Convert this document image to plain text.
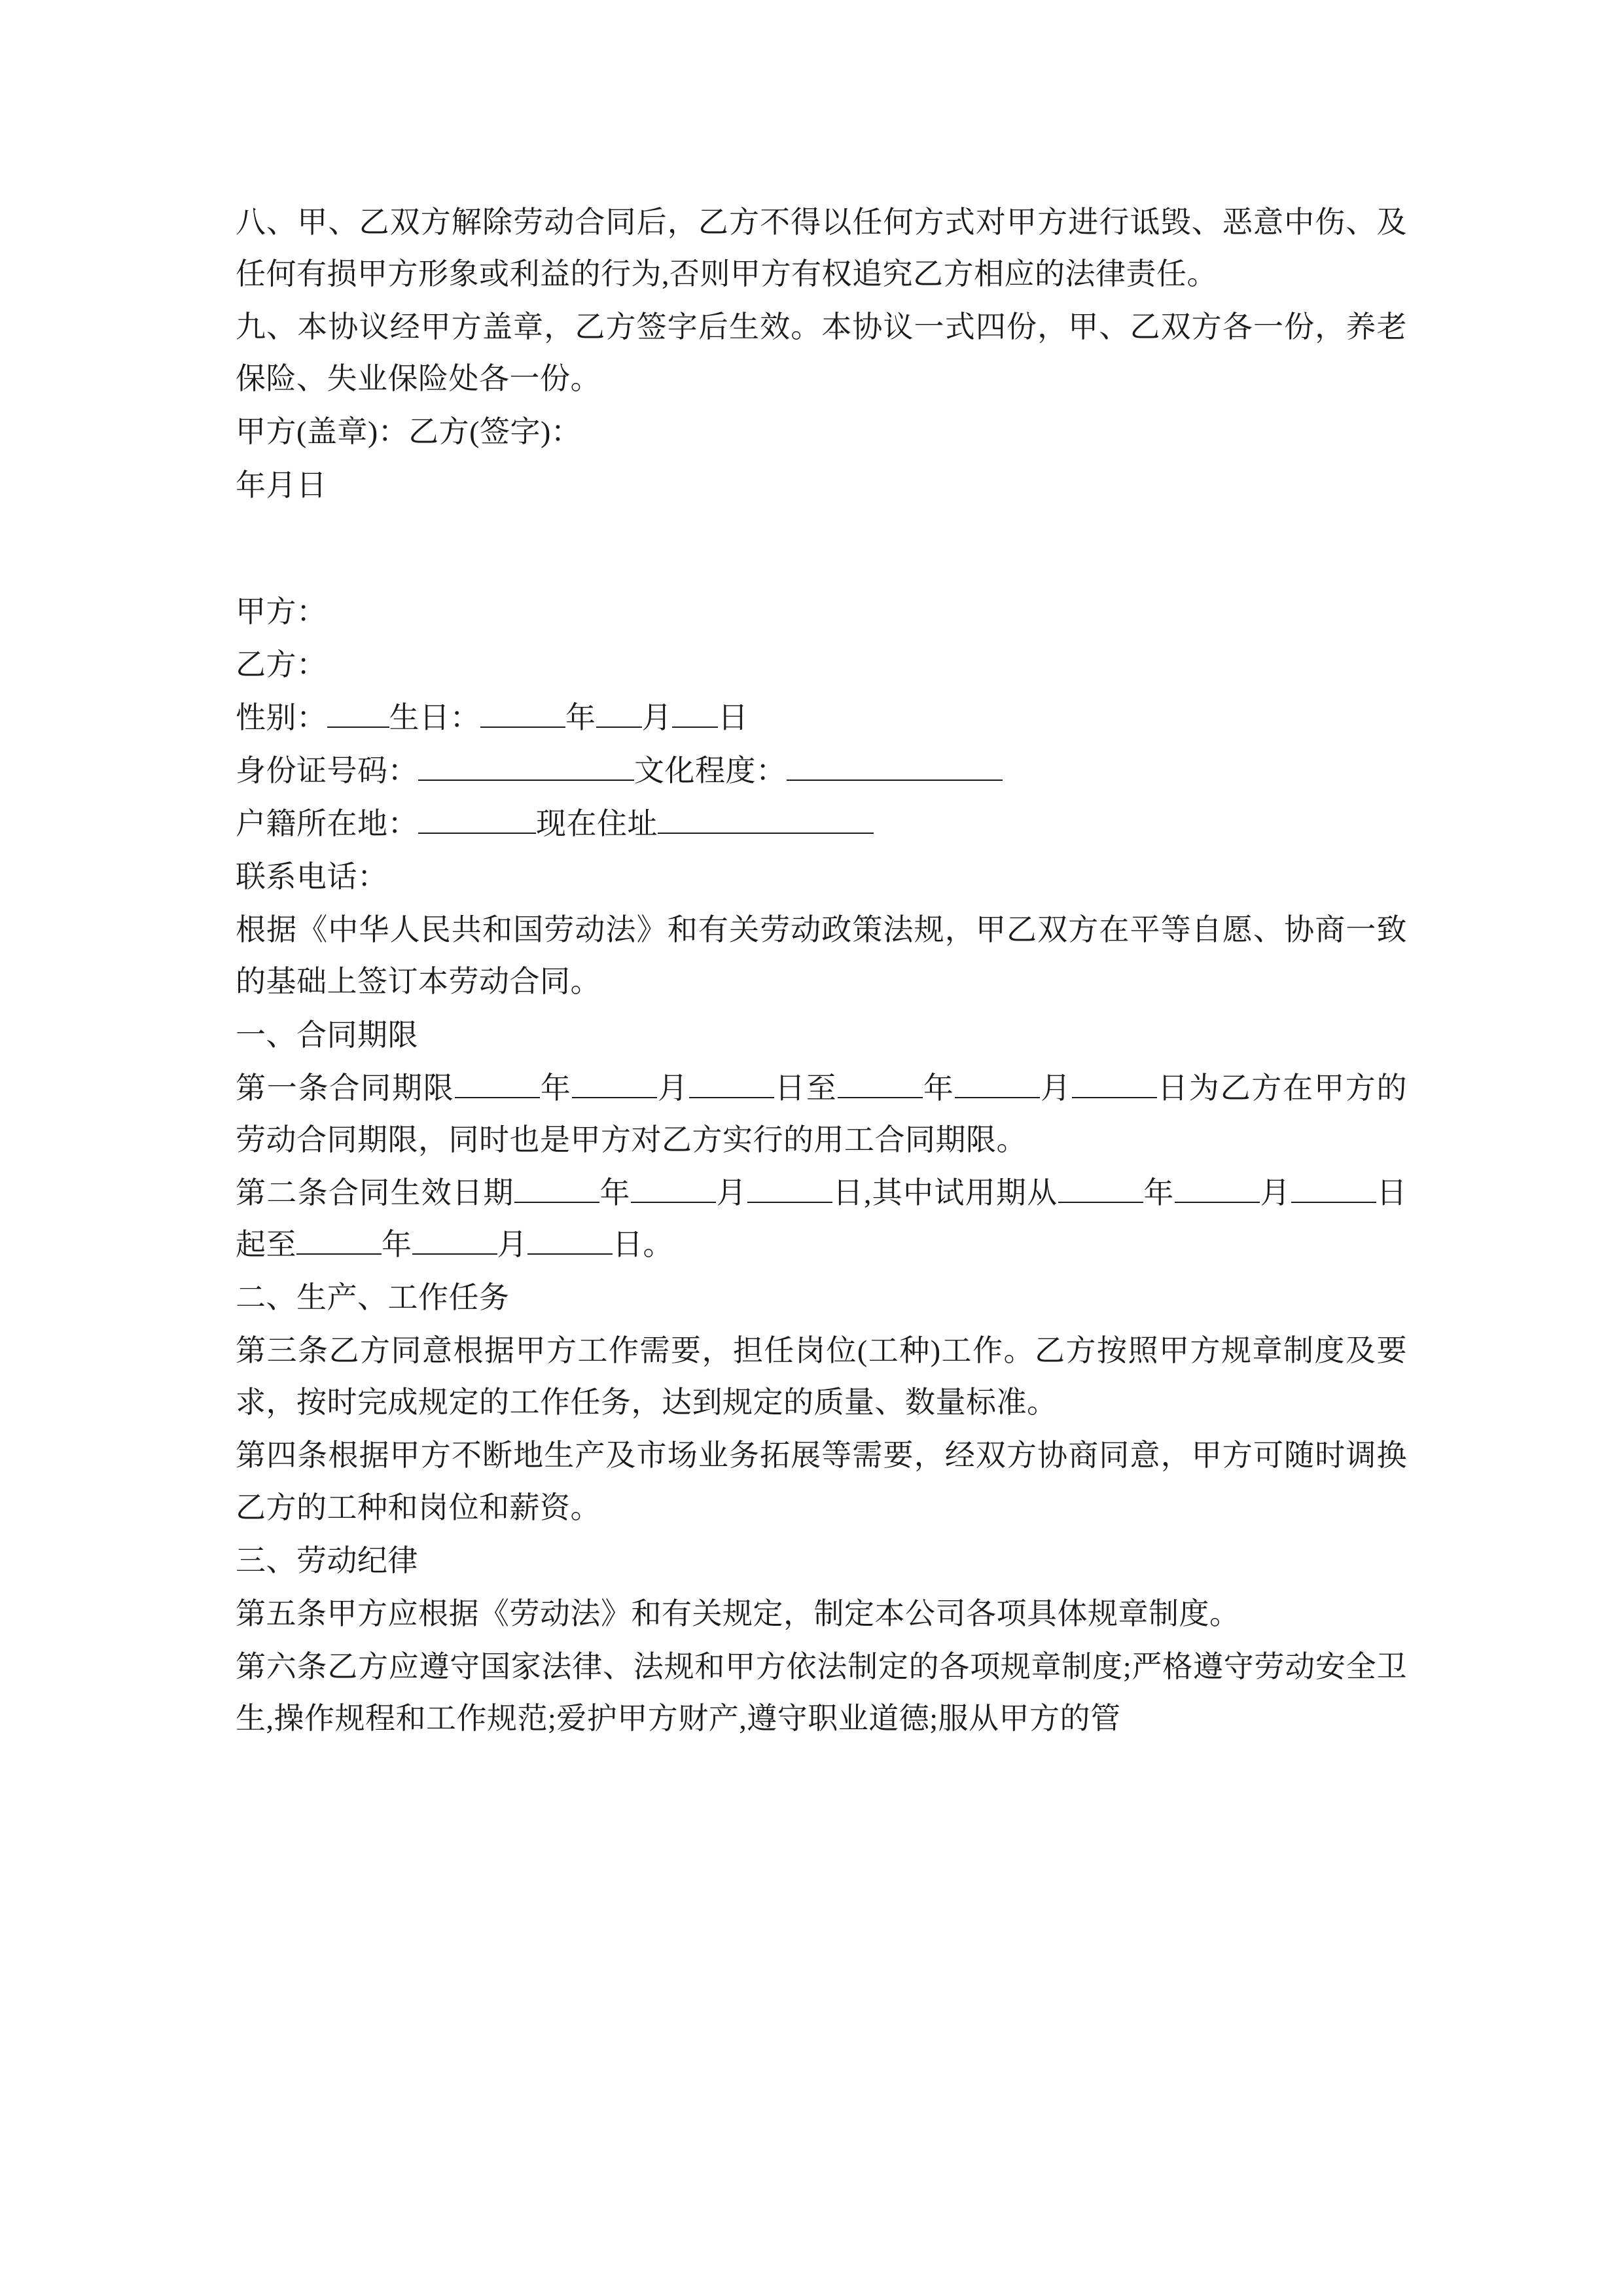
八、甲、乙双方解除劳动合同后，乙方不得以任何方式对甲方进行诋毁、恶意中伤、及任何有损甲方形象或利益的行为,否则甲方有权追究乙方相应的法律责任。

九、本协议经甲方盖章，乙方签字后生效。本协议一式四份，甲、乙双方各一份，养老保险、失业保险处各一份。

甲方(盖章)：乙方(签字)：

年月日

甲方：

乙方：

性别： 生日：	年 月 日

身份证号码：	文化程度：

户籍所在地：	现在住址

联系电话：

根据《中华人民共和国劳动法》和有关劳动政策法规，甲乙双方在平等自愿、协商一致的基础上签订本劳动合同。

一、合同期限

第一条合同期限	年	月	日至	年	月	日为乙方在甲方的劳动合同期限，同时也是甲方对乙方实行的用工合同期限。

第二条合同生效日期	年	月	日,其中试用期从	年	月	日起至	年	月	日。

二、生产、工作任务

第三条乙方同意根据甲方工作需要，担任岗位(工种)工作。乙方按照甲方规章制度及要求，按时完成规定的工作任务，达到规定的质量、数量标准。

第四条根据甲方不断地生产及市场业务拓展等需要，经双方协商同意，甲方可随时调换乙方的工种和岗位和薪资。

三、劳动纪律

第五条甲方应根据《劳动法》和有关规定，制定本公司各项具体规章制度。

第六条乙方应遵守国家法律、法规和甲方依法制定的各项规章制度;严格遵守劳动安全卫生,操作规程和工作规范;爱护甲方财产,遵守职业道德;服从甲方的管
